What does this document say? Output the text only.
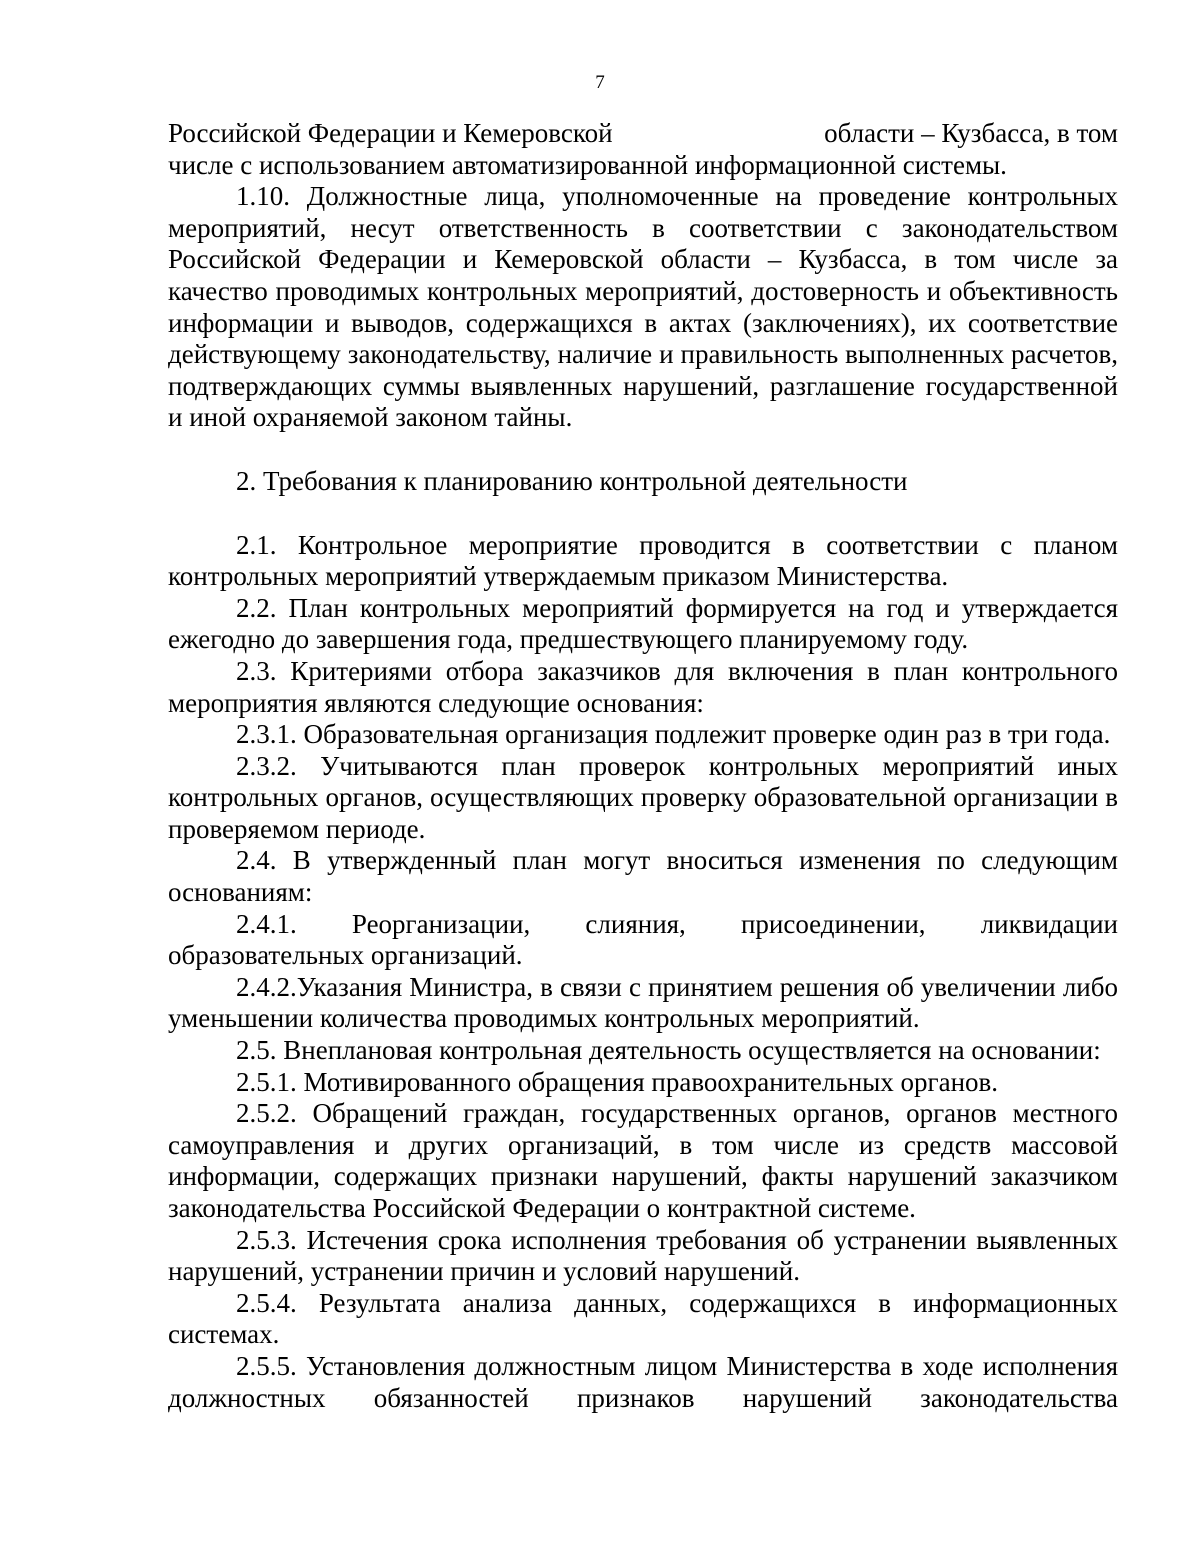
7
Российской Федерации и Кемеровской	области – Кузбасса, в том

числе с использованием автоматизированной информационной системы.

1.10. Должностные лица, уполномоченные на проведение контрольных мероприятий, несут ответственность в соответствии с законодательством Российской Федерации и Кемеровской области – Кузбасса, в том числе за качество проводимых контрольных мероприятий, достоверность и объективность информации и выводов, содержащихся в актах (заключениях), их соответствие действующему законодательству, наличие и правильность выполненных расчетов, подтверждающих суммы выявленных нарушений, разглашение государственной и иной охраняемой законом тайны.

2. Требования к планированию контрольной деятельности

2.1. Контрольное мероприятие проводится в соответствии с планом контрольных мероприятий утверждаемым приказом Министерства.

2.2. План контрольных мероприятий формируется на год и утверждается ежегодно до завершения года, предшествующего планируемому году.

2.3. Критериями отбора заказчиков для включения в план контрольного мероприятия являются следующие основания:

2.3.1. Образовательная организация подлежит проверке один раз в три года.

2.3.2. Учитываются план проверок контрольных мероприятий иных контрольных органов, осуществляющих проверку образовательной организации в проверяемом периоде.

2.4. В утвержденный план могут вноситься изменения по следующим основаниям:

2.4.1. Реорганизации, слияния, присоединении, ликвидации образовательных организаций.

2.4.2.Указания Министра, в связи с принятием решения об увеличении либо уменьшении количества проводимых контрольных мероприятий.

2.5. Внеплановая контрольная деятельность осуществляется на основании:

2.5.1. Мотивированного обращения правоохранительных органов.

2.5.2. Обращений граждан, государственных органов, органов местного самоуправления и других организаций, в том числе из средств массовой информации, содержащих признаки нарушений, факты нарушений заказчиком законодательства Российской Федерации о контрактной системе.

2.5.3. Истечения срока исполнения требования об устранении выявленных нарушений, устранении причин и условий нарушений.

2.5.4. Результата анализа данных, содержащихся в информационных системах.

2.5.5. Установления должностным лицом Министерства в ходе исполнения должностных обязанностей признаков нарушений законодательства
